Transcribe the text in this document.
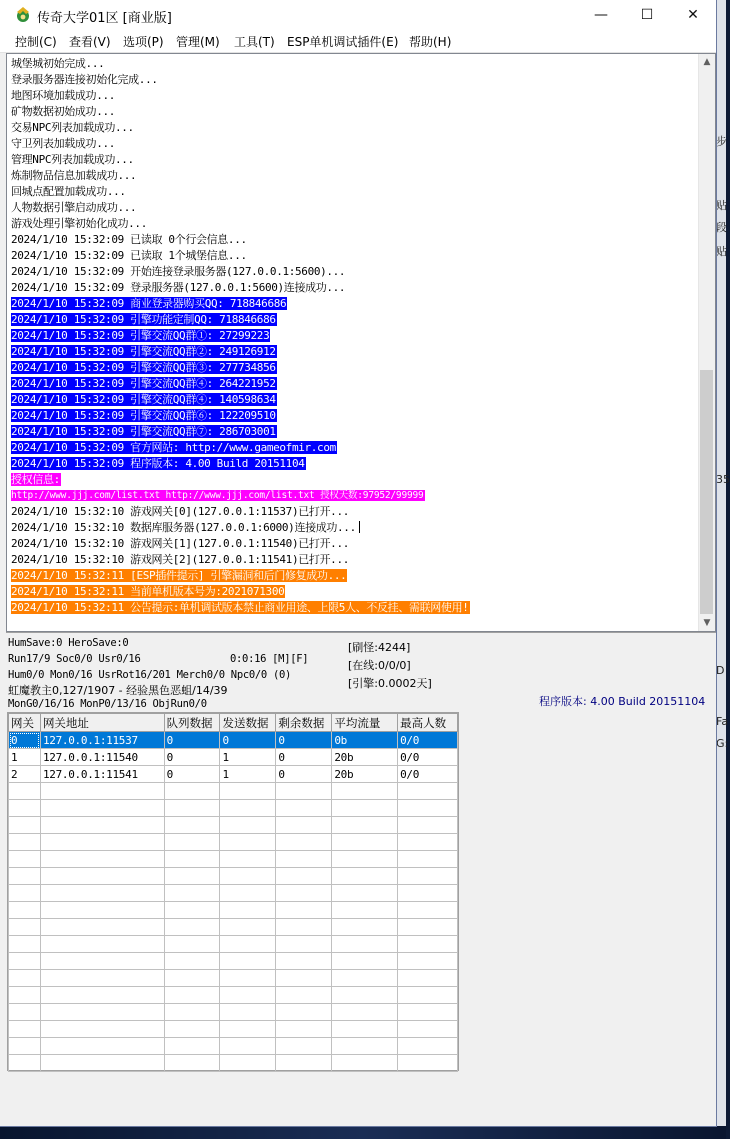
步
贴
段
贴
35
D
Fa
G:
传奇大学01区 [商业版]	—	☐	✕
控制(C) 查看(V) 选项(P) 管理(M) 工具(T) ESP单机调试插件(E) 帮助(H)
城堡城初始完成...
登录服务器连接初始化完成...
地图环境加载成功...
矿物数据初始成功...
交易NPC列表加载成功...
守卫列表加载成功...
管理NPC列表加载成功...
炼制物品信息加载成功...
回城点配置加载成功...
人物数据引擎启动成功...
游戏处理引擎初始化成功...
2024/1/10 15:32:09 已读取 0个行会信息...
2024/1/10 15:32:09 已读取 1个城堡信息...
2024/1/10 15:32:09 开始连接登录服务器(127.0.0.1:5600)...
2024/1/10 15:32:09 登录服务器(127.0.0.1:5600)连接成功...
2024/1/10 15:32:09 商业登录器购买QQ: 718846686
2024/1/10 15:32:09 引擎功能定制QQ: 718846686
2024/1/10 15:32:09 引擎交流QQ群①: 27299223
2024/1/10 15:32:09 引擎交流QQ群②: 249126912
2024/1/10 15:32:09 引擎交流QQ群③: 277734856
2024/1/10 15:32:09 引擎交流QQ群④: 264221952
2024/1/10 15:32:09 引擎交流QQ群④: 140598634
2024/1/10 15:32:09 引擎交流QQ群⑥: 122209510
2024/1/10 15:32:09 引擎交流QQ群⑦: 286703001
2024/1/10 15:32:09 官方网站: http://www.gameofmir.com
2024/1/10 15:32:09 程序版本: 4.00 Build 20151104
授权信息:
http://www.jjj.com/list.txt http://www.jjj.com/list.txt 授权天数:97952/99999
2024/1/10 15:32:10 游戏网关[0](127.0.0.1:11537)已打开...
2024/1/10 15:32:10 数据库服务器(127.0.0.1:6000)连接成功...
2024/1/10 15:32:10 游戏网关[1](127.0.0.1:11540)已打开...
2024/1/10 15:32:10 游戏网关[2](127.0.0.1:11541)已打开...
2024/1/10 15:32:11 [ESP插件提示] 引擎漏洞和后门修复成功...
2024/1/10 15:32:11 当前单机版本号为:2021071300
2024/1/10 15:32:11 公告提示:单机调试版本禁止商业用途、上限5人、不反挂、需联网使用!
▲
▼
HumSave:0 HeroSave:0
Run17/9 Soc0/0 Usr0/16	0:0:16 [M][F]
Hum0/0 Mon0/16 UsrRot16/201 Merch0/0 Npc0/0 (0)
虹魔教主0,127/1907 - 经验黑色恶蛆/14/39
MonG0/16/16 MonP0/13/16 ObjRun0/0
[刷怪:4244]
[在线:0/0/0]
[引擎:0.0002天]
程序版本: 4.00 Build 20151104
网关	网关地址	队列数据	发送数据	剩余数据	平均流量	最高人数
0	127.0.0.1:11537	0	0	0	0b	0/0
1	127.0.0.1:11540	0	1	0	20b	0/0
2	127.0.0.1:11541	0	1	0	20b	0/0
